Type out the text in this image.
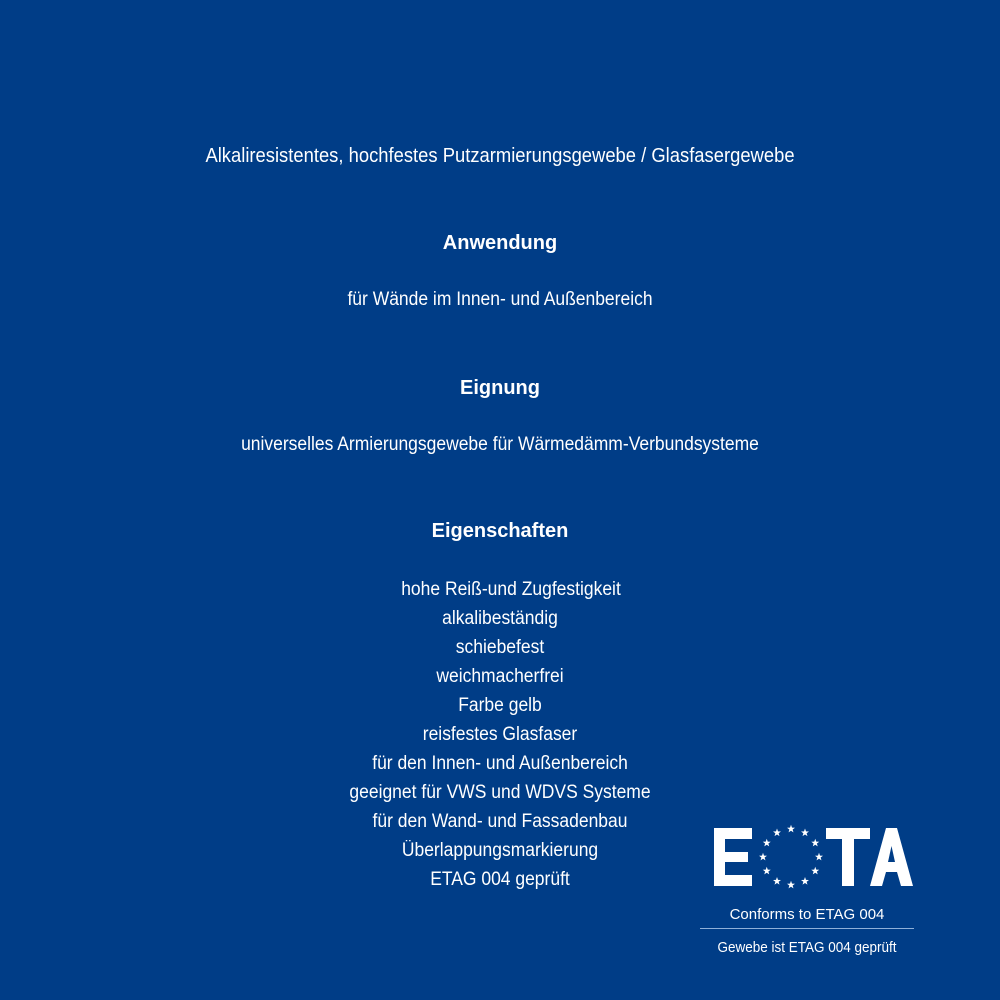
Alkaliresistentes, hochfestes Putzarmierungsgewebe / Glasfasergewebe
Anwendung
für Wände im Innen- und Außenbereich
Eignung
universelles Armierungsgewebe für Wärmedämm-Verbundsysteme
Eigenschaften
hohe Reiß-und Zugfestigkeit
alkalibeständig
schiebefest
weichmacherfrei
Farbe gelb
reisfestes Glasfaser
für den Innen- und Außenbereich
geeignet für VWS und WDVS Systeme
für den Wand- und Fassadenbau
Überlappungsmarkierung
ETAG 004 geprüft
Conforms to ETAG 004
Gewebe ist ETAG 004 geprüft
